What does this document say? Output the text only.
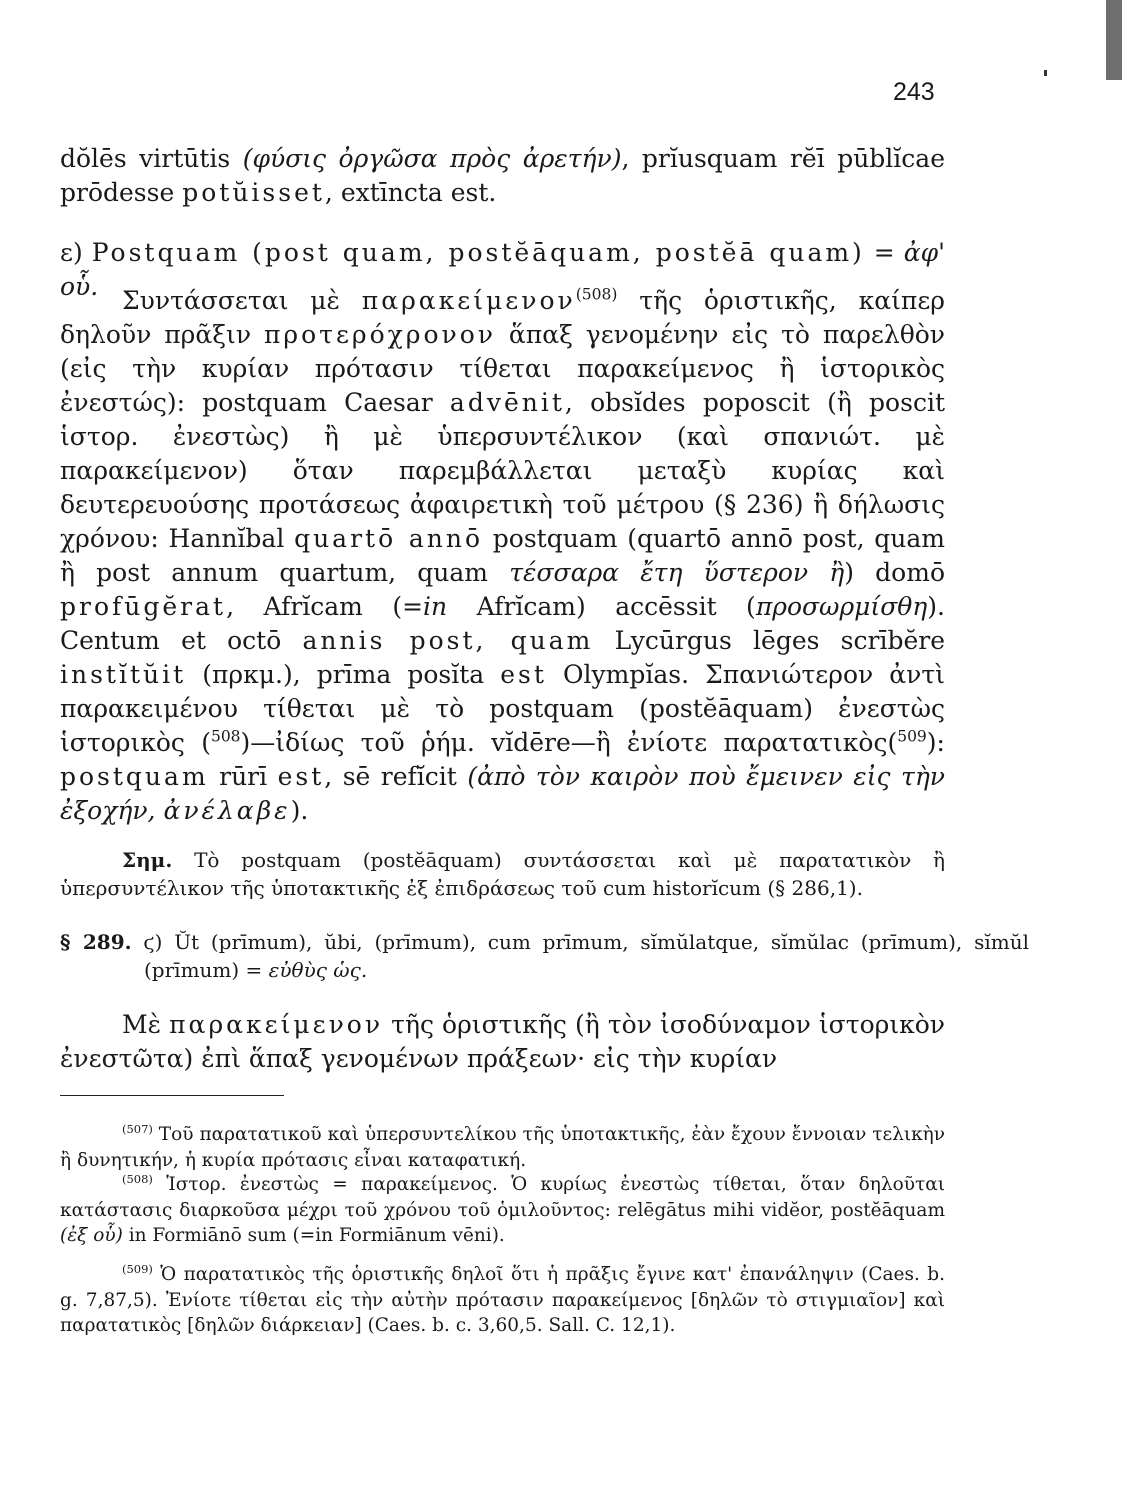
243

dŏlēs virtūtis (φύσις ὀργῶσα πρὸς ἀρετήν), prĭusquam rĕī pūblĭcae prōdesse potŭisset, extīncta est.

ε) Postquam (post quam, postĕāquam, postĕā quam) = ἀφ' οὗ. Συντάσσεται μὲ παρακείμενον$^{(508)}$ τῆς ὁριστικῆς, καίπερ δηλοῦν πρᾶξιν προτερόχρονον ἅπαξ γενομένην εἰς τὸ παρελθὸν (εἰς τὴν κυρίαν πρότασιν τίθεται παρακείμενος ἢ ἱστορικὸς ἐνεστώς): postquam Caesar advēnit, obsĭdes poposcit (ἢ poscit ἱστορ. ἐνεστὼς) ἢ μὲ ὑπερσυντέλικον (καὶ σπανιώτ. μὲ παρακείμενον) ὅταν παρεμβάλλεται μεταξὺ κυρίας καὶ δευτερευούσης προτάσεως ἀφαιρετικὴ τοῦ μέτρου (§ 236) ἢ δήλωσις χρόνου: Hannĭbal quartō annō postquam (quartō annō post, quam ἢ post annum quartum, quam τέσσαρα ἔτη ὕστερον ἢ) domō profūgĕrat, Afrĭcam (=in Afrĭcam) accēssit (προσωρμίσθη). Centum et octō annis post, quam Lycūrgus lēges scrībĕre instĭtŭit (πρκμ.), prīma posĭta est Olympĭas. Σπανιώτερον ἀντὶ παρακειμένου τίθεται μὲ τὸ postquam (postĕāquam) ἐνεστὼς ἱστορικὸς ($^{508}$)—ἰδίως τοῦ ῥήμ. vĭdēre—ἢ ἐνίοτε παρατατικὸς($^{509}$): postquam rūrī est, sē refĭcit (ἀπὸ τὸν καιρὸν ποὺ ἔμεινεν εἰς τὴν ἐξοχήν, ἀνέλαβε).

Σημ. Τὸ postquam (postĕāquam) συντάσσεται καὶ μὲ παρατατικὸν ἢ ὑπερσυντέλικον τῆς ὑποτακτικῆς ἐξ ἐπιδράσεως τοῦ cum historĭcum (§ 286,1).

§ 289. ϛ) Ŭt (prīmum), ŭbi, (prīmum), cum prīmum, sĭmŭlatque, sĭmŭlac (prīmum), sĭmŭl (prīmum) = εὐθὺς ὡς.

Μὲ παρακείμενον τῆς ὁριστικῆς (ἢ τὸν ἰσοδύναμον ἱστορικὸν ἐνεστῶτα) ἐπὶ ἅπαξ γενομένων πράξεων· εἰς τὴν κυρίαν

$^{(507)}$ Τοῦ παρατατικοῦ καὶ ὑπερσυντελίκου τῆς ὑποτακτικῆς, ἐὰν ἔχουν ἔννοιαν τελικὴν ἢ δυνητικήν, ἡ κυρία πρότασις εἶναι καταφατική.

$^{(508)}$ Ἱστορ. ἐνεστὼς = παρακείμενος. Ὁ κυρίως ἐνεστὼς τίθεται, ὅταν δηλοῦται κατάστασις διαρκοῦσα μέχρι τοῦ χρόνου τοῦ ὁμιλοῦντος: relēgātus mihi vidĕor, postĕāquam (ἐξ οὗ) in Formiānō sum (=in Formiānum vēni).

$^{(509)}$ Ὁ παρατατικὸς τῆς ὁριστικῆς δηλοῖ ὅτι ἡ πρᾶξις ἔγινε κατ' ἐπανάληψιν (Caes. b. g. 7,87,5). Ἐνίοτε τίθεται εἰς τὴν αὐτὴν πρότασιν παρακείμενος [δηλῶν τὸ στιγμιαῖον] καὶ παρατατικὸς [δηλῶν διάρκειαν] (Caes. b. c. 3,60,5. Sall. C. 12,1).
